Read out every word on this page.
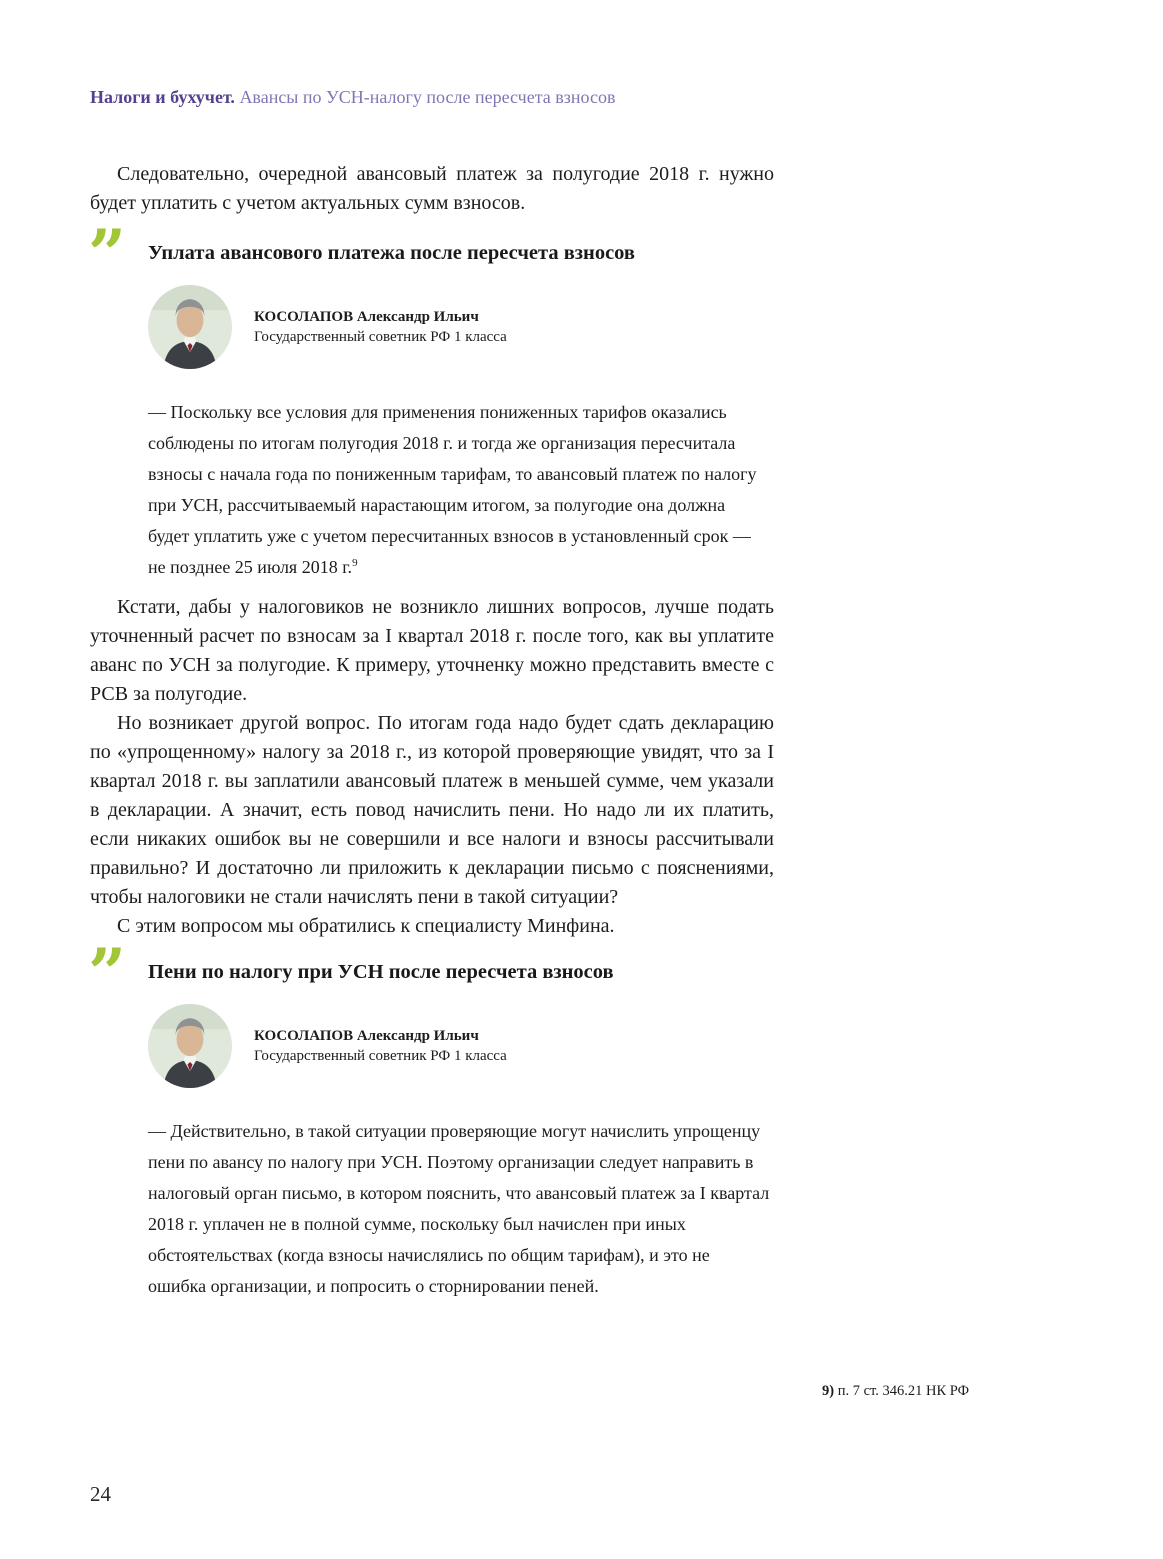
Налоги и бухучет. Авансы по УСН-налогу после пересчета взносов

Следовательно, очередной авансовый платеж за полугодие 2018 г. нужно будет уплатить с учетом актуальных сумм взносов.

” Уплата авансового платежа после пересчета взносов
КОСОЛАПОВ Александр Ильич
Государственный советник РФ 1 класса
— Поскольку все условия для применения пониженных тарифов оказались соблюдены по итогам полугодия 2018 г. и тогда же организация пересчитала взносы с начала года по пониженным тарифам, то авансовый платеж по налогу при УСН, рассчитываемый нарастающим итогом, за полугодие она должна будет уплатить уже с учетом пересчитанных взносов в установленный срок — не позднее 25 июля 2018 г.$^9$

Кстати, дабы у налоговиков не возникло лишних вопросов, лучше подать уточненный расчет по взносам за I квартал 2018 г. после того, как вы уплатите аванс по УСН за полугодие. К примеру, уточненку можно представить вместе с РСВ за полугодие.

Но возникает другой вопрос. По итогам года надо будет сдать декларацию по «упрощенному» налогу за 2018 г., из которой проверяющие увидят, что за I квартал 2018 г. вы заплатили авансовый платеж в меньшей сумме, чем указали в декларации. А значит, есть повод начислить пени. Но надо ли их платить, если никаких ошибок вы не совершили и все налоги и взносы рассчитывали правильно? И достаточно ли приложить к декларации письмо с пояснениями, чтобы налоговики не стали начислять пени в такой ситуации?

С этим вопросом мы обратились к специалисту Минфина.

” Пени по налогу при УСН после пересчета взносов
КОСОЛАПОВ Александр Ильич
Государственный советник РФ 1 класса
— Действительно, в такой ситуации проверяющие могут начислить упрощенцу пени по авансу по налогу при УСН. Поэтому организации следует направить в налоговый орган письмо, в котором пояснить, что авансовый платеж за I квартал 2018 г. уплачен не в полной сумме, поскольку был начислен при иных обстоятельствах (когда взносы начислялись по общим тарифам), и это не ошибка организации, и попросить о сторнировании пеней.
9) п. 7 ст. 346.21 НК РФ
24
